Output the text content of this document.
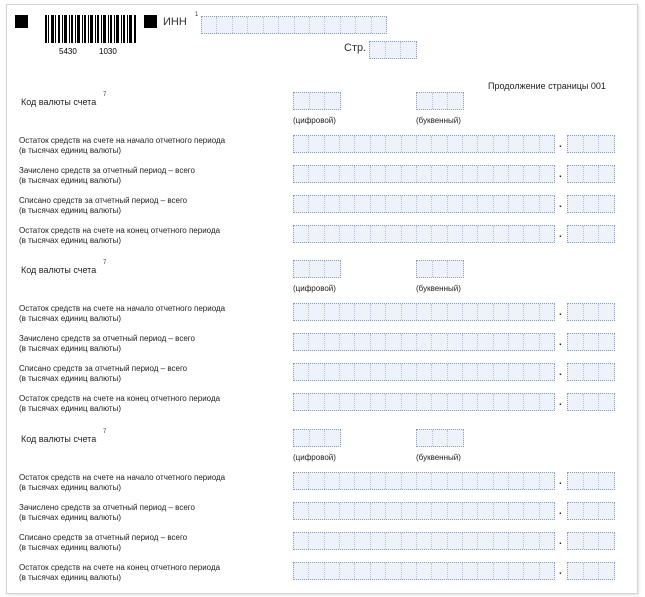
5430	1030
ИНН
1
Стр.
Продолжение страницы 001
Код валюты счета
7
(цифровой)	(буквенный)
Остаток средств на счете на начало отчетного периода
(в тысячах единиц валюты)
.
Зачислено средств за отчетный период – всего
(в тысячах единиц валюты)
.
Списано средств за отчетный период – всего
(в тысячах единиц валюты)
.
Остаток средств на счете на конец отчетного периода
(в тысячах единиц валюты)
.
Код валюты счета
7
(цифровой)	(буквенный)
Остаток средств на счете на начало отчетного периода
(в тысячах единиц валюты)
.
Зачислено средств за отчетный период – всего
(в тысячах единиц валюты)
.
Списано средств за отчетный период – всего
(в тысячах единиц валюты)
.
Остаток средств на счете на конец отчетного периода
(в тысячах единиц валюты)
.
Код валюты счета
7
(цифровой)	(буквенный)
Остаток средств на счете на начало отчетного периода
(в тысячах единиц валюты)
.
Зачислено средств за отчетный период – всего
(в тысячах единиц валюты)
.
Списано средств за отчетный период – всего
(в тысячах единиц валюты)
.
Остаток средств на счете на конец отчетного периода
(в тысячах единиц валюты)
.
